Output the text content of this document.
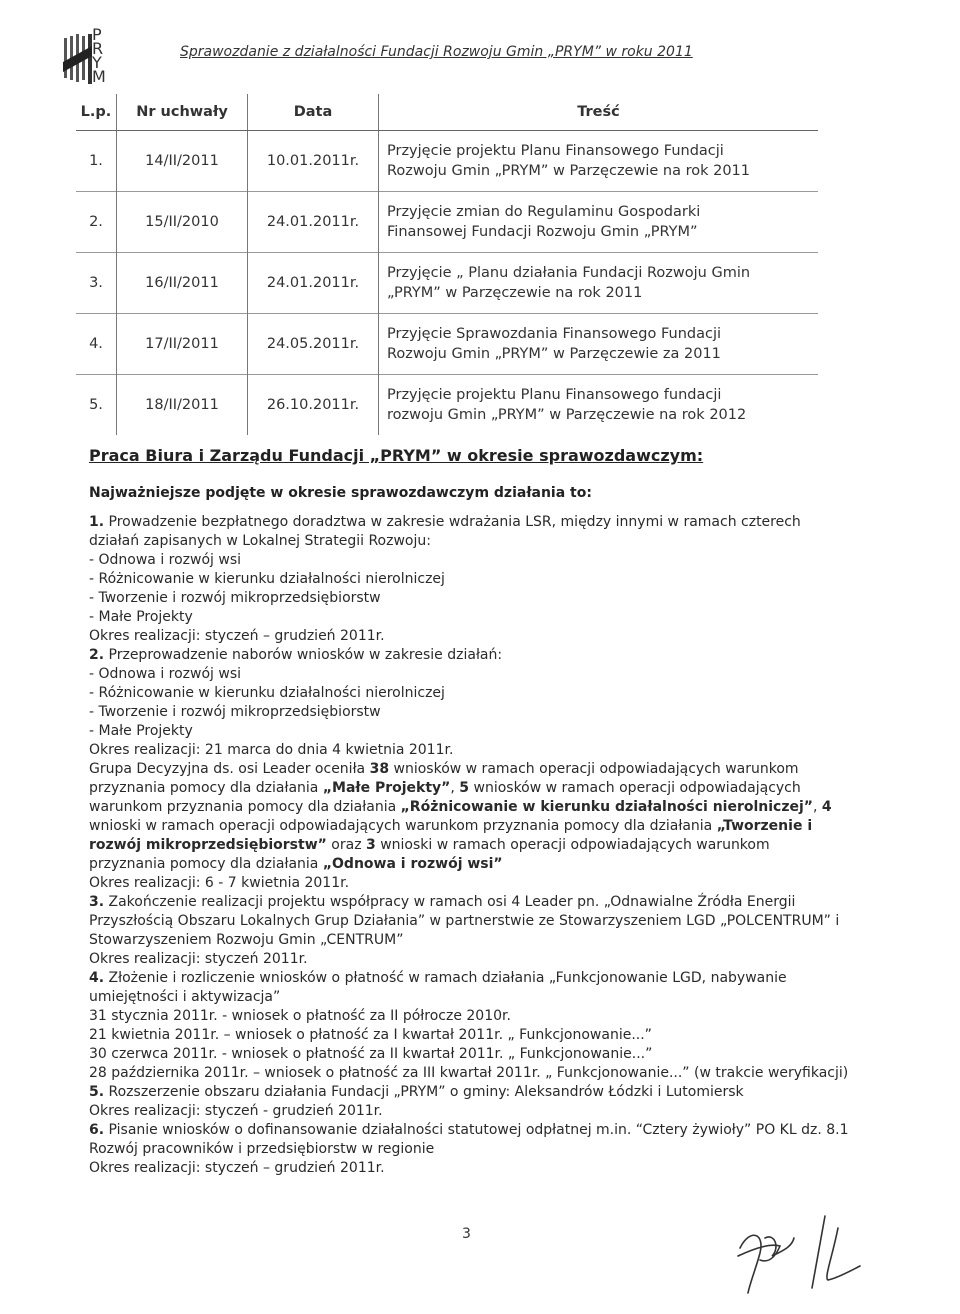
P
R
Y
M
Sprawozdanie z działalności Fundacji Rozwoju Gmin „PRYM” w roku 2011
L.p.	Nr uchwały	Data	Treść
1.	14/II/2011	10.01.2011r.	Przyjęcie projektu Planu Finansowego Fundacji
Rozwoju Gmin „PRYM” w Parzęczewie na rok 2011

2.	15/II/2010	24.01.2011r.	Przyjęcie zmian do Regulaminu Gospodarki
Finansowej Fundacji Rozwoju Gmin „PRYM”

3.	16/II/2011	24.01.2011r.	Przyjęcie „ Planu działania Fundacji Rozwoju Gmin
„PRYM” w Parzęczewie na rok 2011

4.	17/II/2011	24.05.2011r.	Przyjęcie Sprawozdania Finansowego Fundacji
Rozwoju Gmin „PRYM” w Parzęczewie za 2011

5.	18/II/2011	26.10.2011r.	Przyjęcie projektu Planu Finansowego fundacji
rozwoju Gmin „PRYM” w Parzęczewie na rok 2012
Praca Biura i Zarządu Fundacji „PRYM” w okresie sprawozdawczym:
Najważniejsze podjęte w okresie sprawozdawczym działania to:

1. Prowadzenie bezpłatnego doradztwa w zakresie wdrażania LSR, między innymi w ramach czterech działań zapisanych w Lokalnej Strategii Rozwoju:

- Odnowa i rozwój wsi

- Różnicowanie w kierunku działalności nierolniczej

- Tworzenie i rozwój mikroprzedsiębiorstw

- Małe Projekty

Okres realizacji: styczeń – grudzień 2011r.

2. Przeprowadzenie naborów wniosków w zakresie działań:

- Odnowa i rozwój wsi

- Różnicowanie w kierunku działalności nierolniczej

- Tworzenie i rozwój mikroprzedsiębiorstw

- Małe Projekty

Okres realizacji: 21 marca do dnia 4 kwietnia 2011r.

Grupa Decyzyjna ds. osi Leader oceniła 38 wniosków w ramach operacji odpowiadających warunkom przyznania pomocy dla działania „Małe Projekty”, 5 wniosków w ramach operacji odpowiadających warunkom przyznania pomocy dla działania „Różnicowanie w kierunku działalności nierolniczej”, 4 wnioski w ramach operacji odpowiadających warunkom przyznania pomocy dla działania „Tworzenie i rozwój mikroprzedsiębiorstw” oraz 3 wnioski w ramach operacji odpowiadających warunkom przyznania pomocy dla działania „Odnowa i rozwój wsi”

Okres realizacji: 6 - 7 kwietnia 2011r.

3. Zakończenie realizacji projektu współpracy w ramach osi 4 Leader pn. „Odnawialne Źródła Energii Przyszłością Obszaru Lokalnych Grup Działania” w partnerstwie ze Stowarzyszeniem LGD „POLCENTRUM” i Stowarzyszeniem Rozwoju Gmin „CENTRUM”

Okres realizacji: styczeń 2011r.

4. Złożenie i rozliczenie wniosków o płatność w ramach działania „Funkcjonowanie LGD, nabywanie umiejętności i aktywizacja”

31 stycznia 2011r. - wniosek o płatność za II półrocze 2010r.

21 kwietnia 2011r. – wniosek o płatność za I kwartał 2011r. „ Funkcjonowanie...”

30 czerwca 2011r. - wniosek o płatność za II kwartał 2011r. „ Funkcjonowanie...”

28 października 2011r. – wniosek o płatność za III kwartał 2011r. „ Funkcjonowanie...” (w trakcie weryfikacji)

5. Rozszerzenie obszaru działania Fundacji „PRYM” o gminy: Aleksandrów Łódzki i Lutomiersk

Okres realizacji: styczeń - grudzień 2011r.

6. Pisanie wniosków o dofinansowanie działalności statutowej odpłatnej m.in. “Cztery żywioły” PO KL dz. 8.1 Rozwój pracowników i przedsiębiorstw w regionie

Okres realizacji: styczeń – grudzień 2011r.

3
